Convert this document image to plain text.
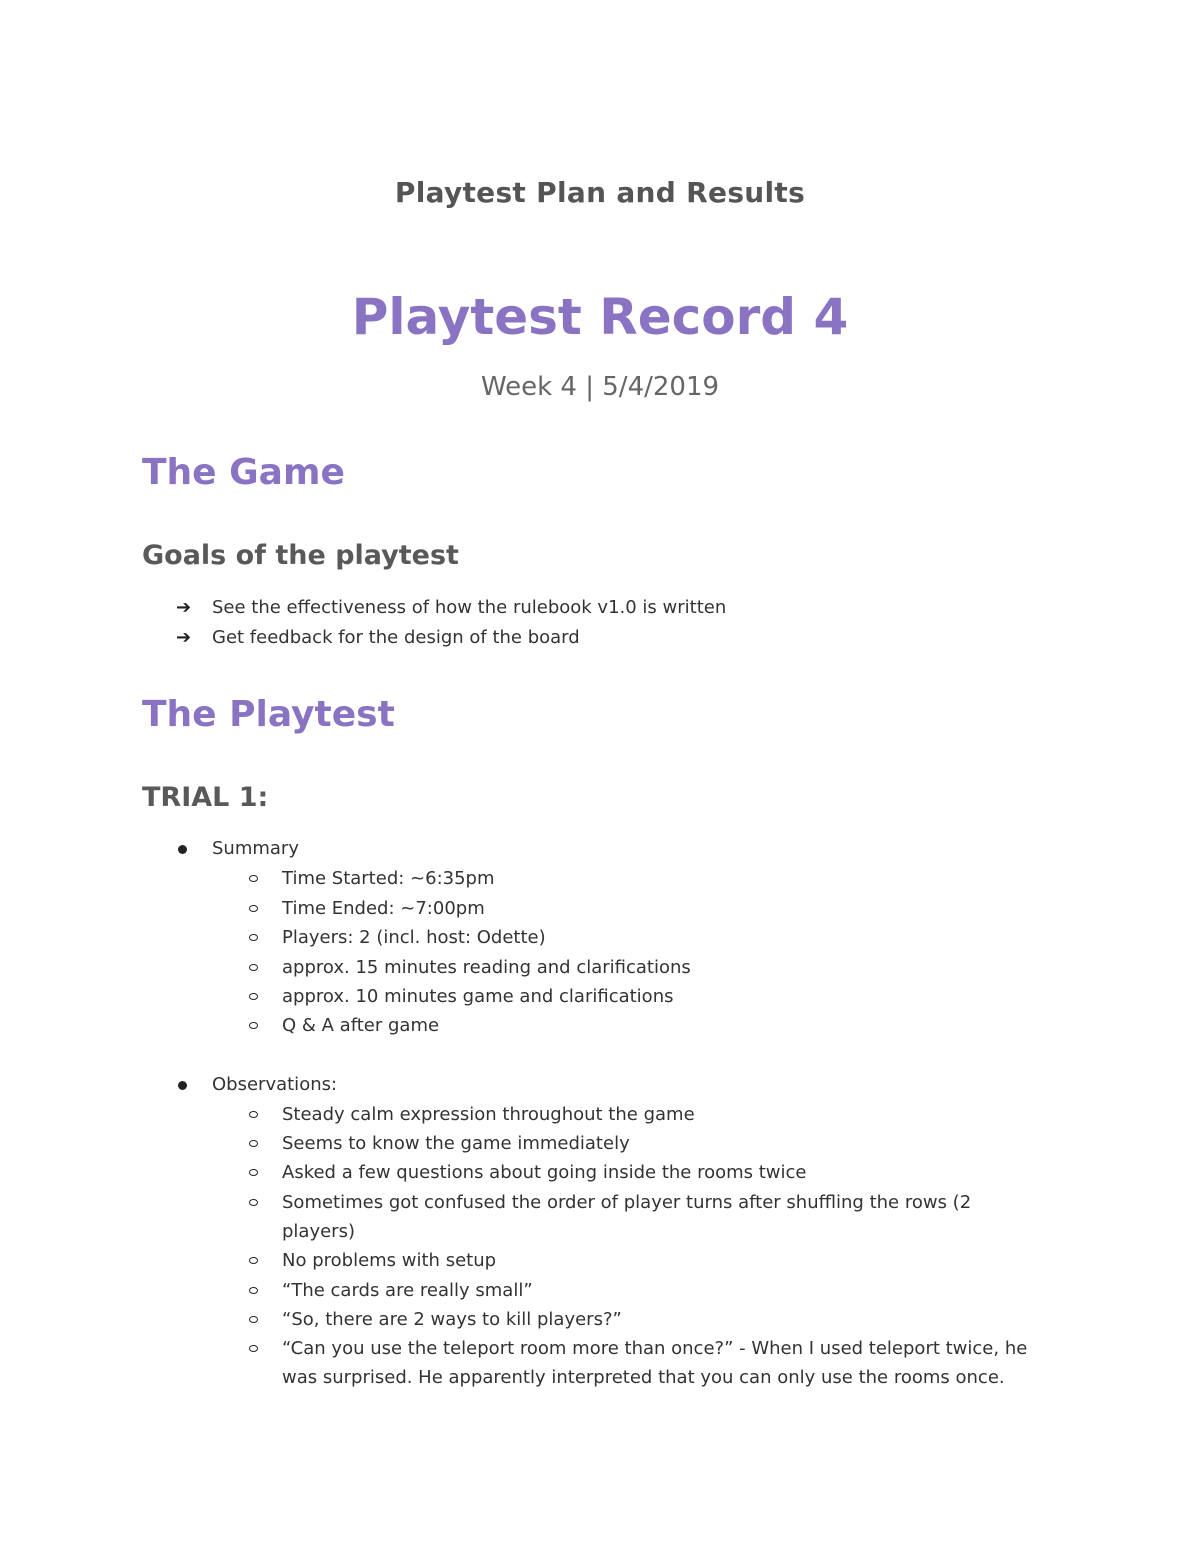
Playtest Plan and Results
Playtest Record 4
Week 4 | 5/4/2019
The Game
Goals of the playtest
➔ See the effectiveness of how the rulebook v1.0 is written
➔ Get feedback for the design of the board
The Playtest
TRIAL 1:
Summary
Time Started: ~6:35pm
Time Ended: ~7:00pm
Players: 2 (incl. host: Odette)
approx. 15 minutes reading and clarifications
approx. 10 minutes game and clarifications
Q & A after game
Observations:
Steady calm expression throughout the game
Seems to know the game immediately
Asked a few questions about going inside the rooms twice
Sometimes got confused the order of player turns after shuffling the rows (2
players)
No problems with setup
“The cards are really small”
“So, there are 2 ways to kill players?”
“Can you use the teleport room more than once?” - When I used teleport twice, he
was surprised. He apparently interpreted that you can only use the rooms once.
